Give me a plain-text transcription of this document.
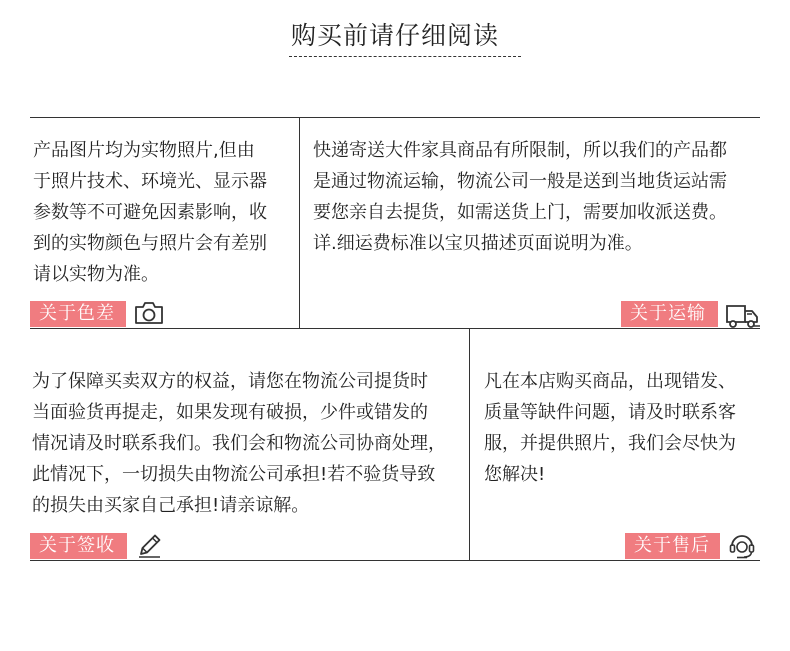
购买前请仔细阅读

产品图片均为实物照片,但由
于照片技术、环境光、显示器
参数等不可避免因素影响，收
到的实物颜色与照片会有差别
请以实物为准。

关于色差

快递寄送大件家具商品有所限制，所以我们的产品都
是通过物流运输，物流公司一般是送到当地货运站需
要您亲自去提货，如需送货上门，需要加收派送费。
详.细运费标准以宝贝描述页面说明为准。

关于运输

为了保障买卖双方的权益，请您在物流公司提货时
当面验货再提走，如果发现有破损，少件或错发的
情况请及时联系我们。我们会和物流公司协商处理，
此情况下，一切损失由物流公司承担!若不验货导致
的损失由买家自己承担!请亲谅解。

关于签收

凡在本店购买商品，出现错发、
质量等缺件问题，请及时联系客
服，并提供照片，我们会尽快为
您解决!

关于售后
